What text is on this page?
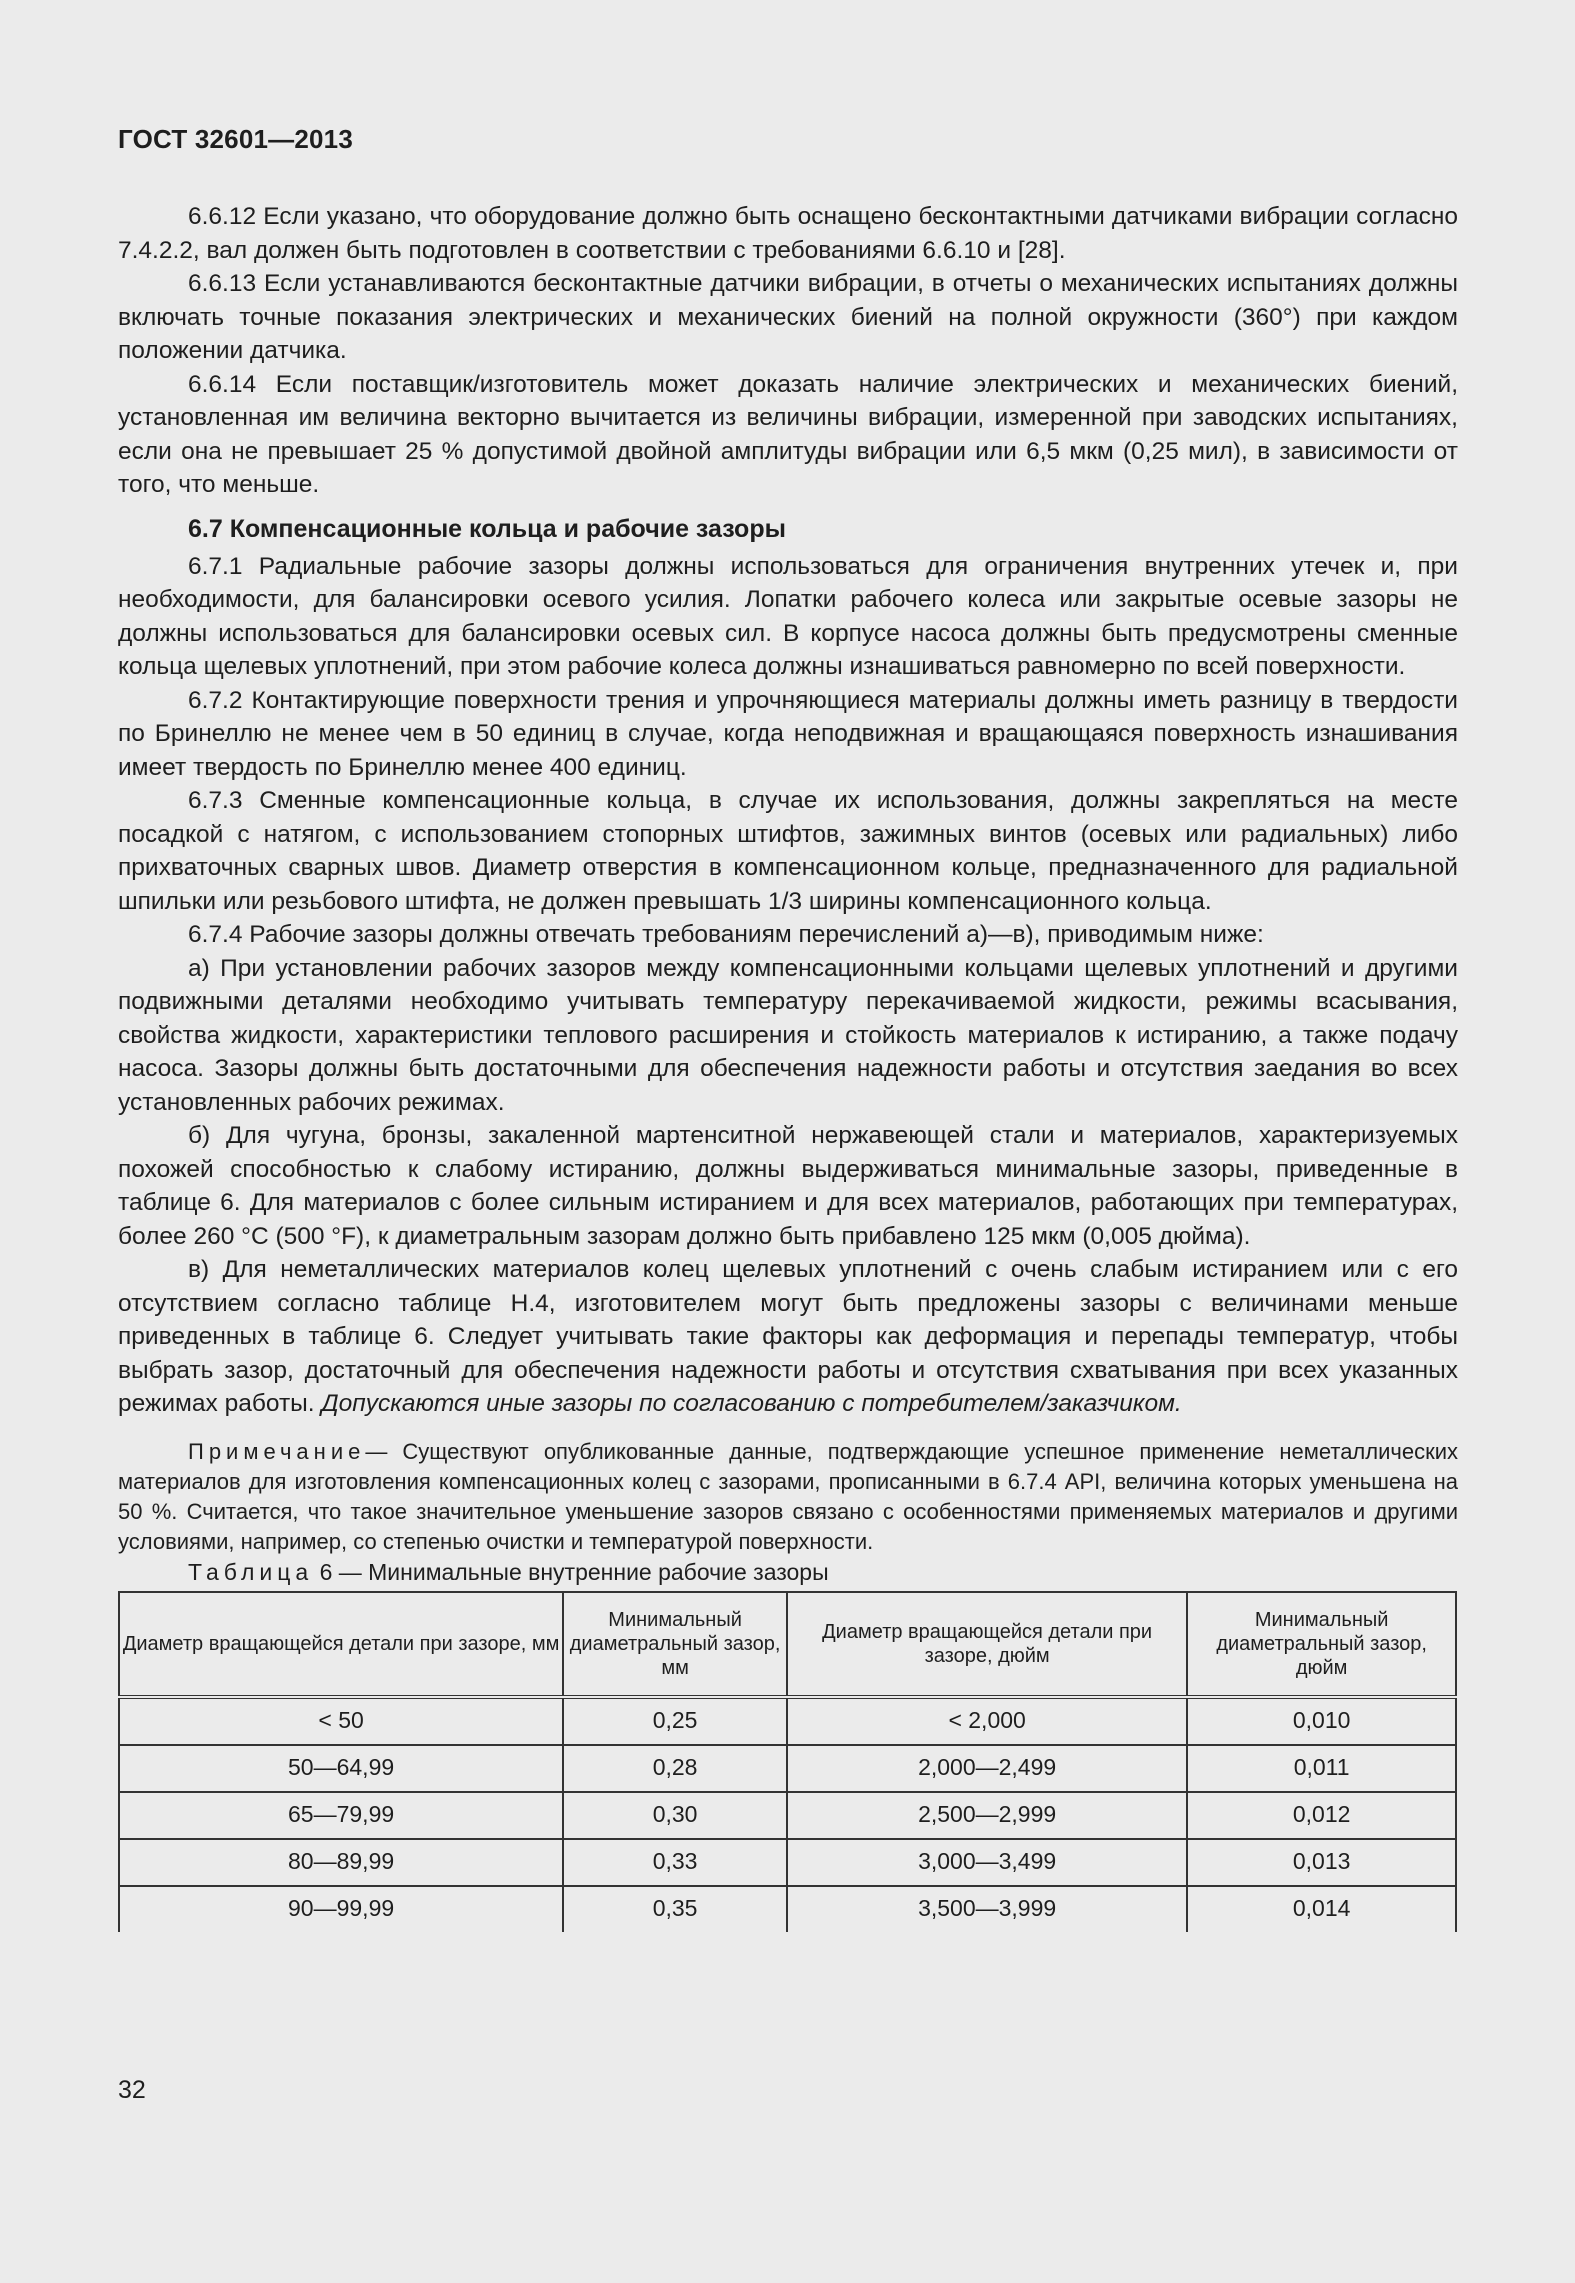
ГОСТ 32601—2013

6.6.12 Если указано, что оборудование должно быть оснащено бесконтактными датчиками вибрации согласно 7.4.2.2, вал должен быть подготовлен в соответствии с требованиями 6.6.10 и [28].

6.6.13 Если устанавливаются бесконтактные датчики вибрации, в отчеты о механических испытаниях должны включать точные показания электрических и механических биений на полной окружности (360°) при каждом положении датчика.

6.6.14 Если поставщик/изготовитель может доказать наличие электрических и механических биений, установленная им величина векторно вычитается из величины вибрации, измеренной при заводских испытаниях, если она не превышает 25 % допустимой двойной амплитуды вибрации или 6,5 мкм (0,25 мил), в зависимости от того, что меньше.

6.7 Компенсационные кольца и рабочие зазоры

6.7.1 Радиальные рабочие зазоры должны использоваться для ограничения внутренних утечек и, при необходимости, для балансировки осевого усилия. Лопатки рабочего колеса или закрытые осевые зазоры не должны использоваться для балансировки осевых сил. В корпусе насоса должны быть предусмотрены сменные кольца щелевых уплотнений, при этом рабочие колеса должны изнашиваться равномерно по всей поверхности.

6.7.2 Контактирующие поверхности трения и упрочняющиеся материалы должны иметь разницу в твердости по Бринеллю не менее чем в 50 единиц в случае, когда неподвижная и вращающаяся поверхность изнашивания имеет твердость по Бринеллю менее 400 единиц.

6.7.3 Сменные компенсационные кольца, в случае их использования, должны закрепляться на месте посадкой с натягом, с использованием стопорных штифтов, зажимных винтов (осевых или радиальных) либо прихваточных сварных швов. Диаметр отверстия в компенсационном кольце, предназначенного для радиальной шпильки или резьбового штифта, не должен превышать 1/3 ширины компенсационного кольца.

6.7.4 Рабочие зазоры должны отвечать требованиям перечислений а)—в), приводимым ниже:

а) При установлении рабочих зазоров между компенсационными кольцами щелевых уплотнений и другими подвижными деталями необходимо учитывать температуру перекачиваемой жидкости, режимы всасывания, свойства жидкости, характеристики теплового расширения и стойкость материалов к истиранию, а также подачу насоса. Зазоры должны быть достаточными для обеспечения надежности работы и отсутствия заедания во всех установленных рабочих режимах.

б) Для чугуна, бронзы, закаленной мартенситной нержавеющей стали и материалов, характеризуемых похожей способностью к слабому истиранию, должны выдерживаться минимальные зазоры, приведенные в таблице 6. Для материалов с более сильным истиранием и для всех материалов, работающих при температурах, более 260 °С (500 °F), к диаметральным зазорам должно быть прибавлено 125 мкм (0,005 дюйма).

в) Для неметаллических материалов колец щелевых уплотнений с очень слабым истиранием или с его отсутствием согласно таблице Н.4, изготовителем могут быть предложены зазоры с величинами меньше приведенных в таблице 6. Следует учитывать такие факторы как деформация и перепады температур, чтобы выбрать зазор, достаточный для обеспечения надежности работы и отсутствия схватывания при всех указанных режимах работы. Допускаются иные зазоры по согласованию с потребителем/заказчиком.

Примечание— Существуют опубликованные данные, подтверждающие успешное применение неметаллических материалов для изготовления компенсационных колец с зазорами, прописанными в 6.7.4 API, величина которых уменьшена на 50 %. Считается, что такое значительное уменьшение зазоров связано с особенностями применяемых материалов и другими условиями, например, со степенью очистки и температурой поверхности.

Таблица 6 — Минимальные внутренние рабочие зазоры

Диаметр вращающейся детали при зазоре, мм	Минимальный диаметральный зазор, мм	Диаметр вращающейся детали при зазоре, дюйм	Минимальный диаметральный зазор, дюйм
< 50	0,25	< 2,000	0,010
50—64,99	0,28	2,000—2,499	0,011
65—79,99	0,30	2,500—2,999	0,012
80—89,99	0,33	3,000—3,499	0,013
90—99,99	0,35	3,500—3,999	0,014
32
